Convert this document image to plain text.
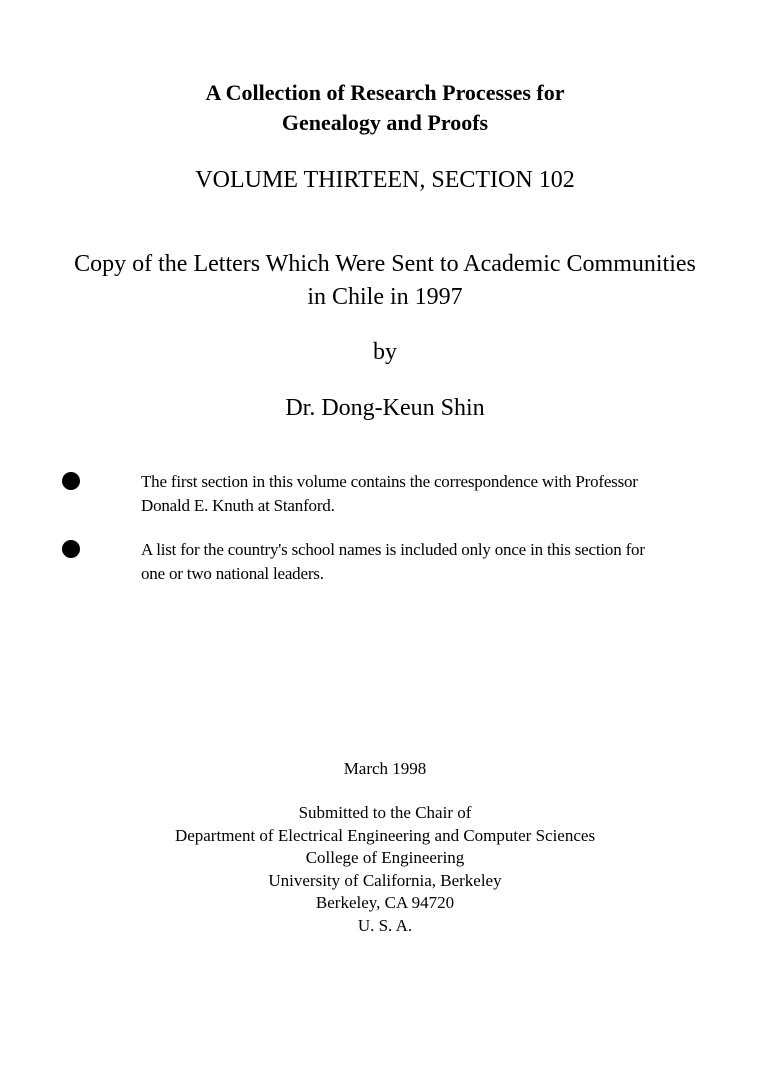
A Collection of Research Processes for
Genealogy and Proofs
VOLUME THIRTEEN, SECTION 102
Copy of the Letters Which Were Sent to Academic Communities
in Chile in 1997
by
Dr. Dong-Keun Shin
The first section in this volume contains the correspondence with Professor
Donald E. Knuth at Stanford.
A list for the country's school names is included only once in this section for
one or two national leaders.
March 1998
Submitted to the Chair of
Department of Electrical Engineering and Computer Sciences
College of Engineering
University of California, Berkeley
Berkeley, CA 94720
U. S. A.
